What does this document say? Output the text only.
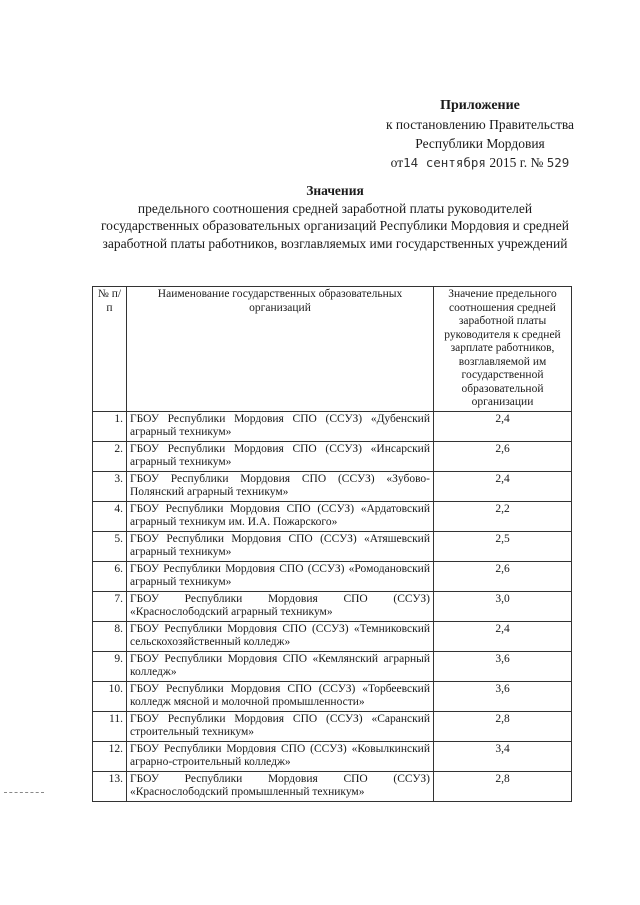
Приложение
к постановлению Правительства
Республики Мордовия
от14 сентября 2015 г. № 529
Значения
предельного соотношения средней заработной платы руководителей государственных образовательных организаций Республики Мордовия и средней заработной платы работников, возглавляемых ими государственных учреждений
№ п/п	Наименование государственных образовательных организаций	Значение предельного соотношения средней заработной платы руководителя к средней зарплате работников, возглавляемой им государственной образовательной организации
1.	ГБОУ Республики Мордовия СПО (ССУЗ) «Дубенский аграрный техникум»	2,4
2.	ГБОУ Республики Мордовия СПО (ССУЗ) «Инсарский аграрный техникум»	2,6
3.	ГБОУ Республики Мордовия СПО (ССУЗ) «Зубово-Полянский аграрный техникум»	2,4
4.	ГБОУ Республики Мордовия СПО (ССУЗ) «Ардатовский аграрный техникум им. И.А. Пожарского»	2,2
5.	ГБОУ Республики Мордовия СПО (ССУЗ) «Атяшевский аграрный техникум»	2,5
6.	ГБОУ Республики Мордовия СПО (ССУЗ) «Ромодановский аграрный техникум»	2,6
7.	ГБОУ Республики Мордовия СПО (ССУЗ) «Краснослободский аграрный техникум»	3,0
8.	ГБОУ Республики Мордовия СПО (ССУЗ) «Темниковский сельскохозяйственный колледж»	2,4
9.	ГБОУ Республики Мордовия СПО «Кемлянский аграрный колледж»	3,6
10.	ГБОУ Республики Мордовия СПО (ССУЗ) «Торбеевский колледж мясной и молочной промышленности»	3,6
11.	ГБОУ Республики Мордовия СПО (ССУЗ) «Саранский строительный техникум»	2,8
12.	ГБОУ Республики Мордовия СПО (ССУЗ) «Ковылкинский аграрно-строительный колледж»	3,4
13.	ГБОУ Республики Мордовия СПО (ССУЗ) «Краснослободский промышленный техникум»	2,8
